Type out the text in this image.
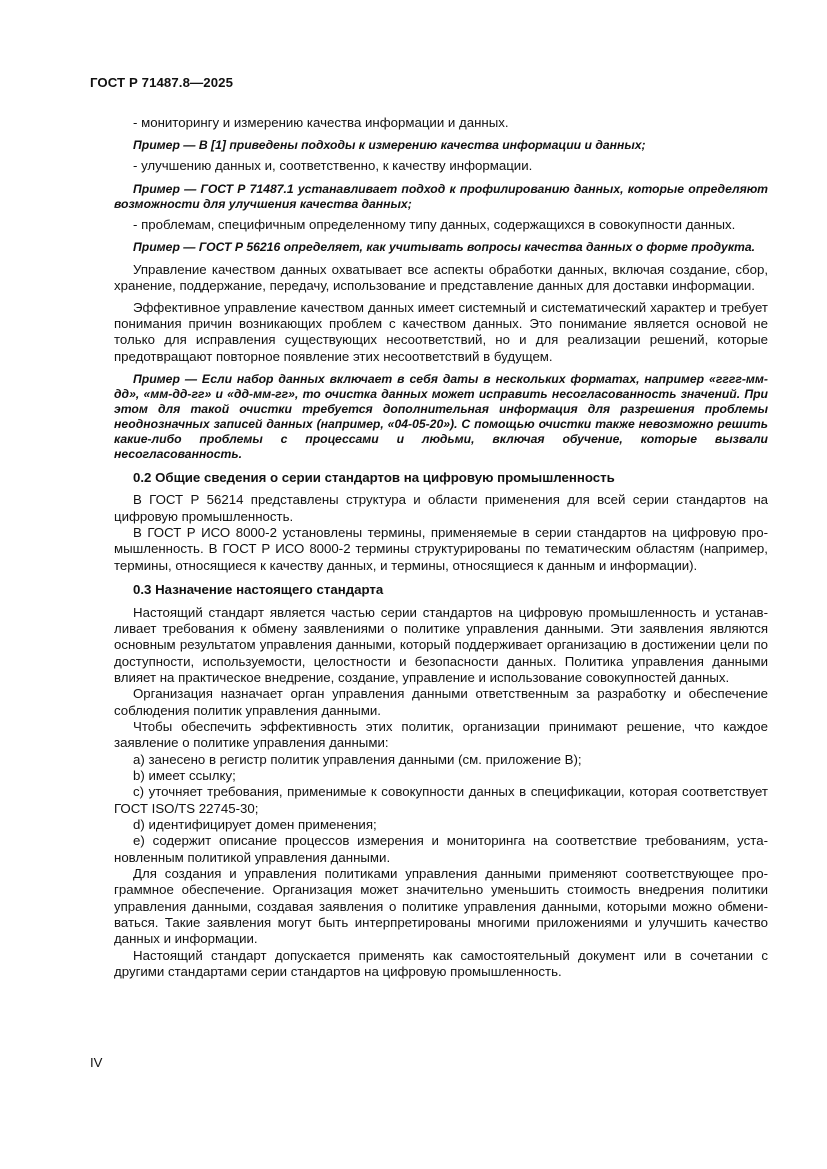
ГОСТ Р 71487.8—2025

- мониторингу и измерению качества информации и данных.

Пример — В [1] приведены подходы к измерению качества информации и данных;

- улучшению данных и, соответственно, к качеству информации.

Пример — ГОСТ Р 71487.1 устанавливает подход к профилированию данных, которые определяют возможности для улучшения качества данных;

- проблемам, специфичным определенному типу данных, содержащихся в совокупности данных.

Пример — ГОСТ Р 56216 определяет, как учитывать вопросы качества данных о форме продукта.

Управление качеством данных охватывает все аспекты обработки данных, включая создание, сбор, хранение, поддержание, передачу, использование и представление данных для доставки информации.

Эффективное управление качеством данных имеет системный и систематический характер и требует понимания причин возникающих проблем с качеством данных. Это понимание является основой не только для исправления существующих несоответствий, но и для реализации решений, которые предотвращают повторное появление этих несоответствий в будущем.

Пример — Если набор данных включает в себя даты в нескольких форматах, например «гггг-мм-дд», «мм-дд-гг» и «дд-мм-гг», то очистка данных может исправить несогласованность значений. При этом для такой очистки требуется дополнительная информация для разрешения проблемы неоднозначных записей данных (например, «04-05-20»). С помощью очистки также невозможно решить какие-либо проблемы с процессами и людьми, включая обучение, которые вызвали несогласованность.

0.2 Общие сведения о серии стандартов на цифровую промышленность

В ГОСТ Р 56214 представлены структура и области применения для всей серии стандартов на цифровую промышленность.

В ГОСТ Р ИСО 8000-2 установлены термины, применяемые в серии стандартов на цифровую промышленность. В ГОСТ Р ИСО 8000-2 термины структурированы по тематическим областям (например, термины, относящиеся к качеству данных, и термины, относящиеся к данным и информации).

0.3 Назначение настоящего стандарта

Настоящий стандарт является частью серии стандартов на цифровую промышленность и устанавливает требования к обмену заявлениями о политике управления данными. Эти заявления являются основным результатом управления данными, который поддерживает организацию в достижении цели по доступности, используемости, целостности и безопасности данных. Политика управления данными влияет на практическое внедрение, создание, управление и использование совокупностей данных.

Организация назначает орган управления данными ответственным за разработку и обеспечение соблюдения политик управления данными.

Чтобы обеспечить эффективность этих политик, организации принимают решение, что каждое заявление о политике управления данными:

a) занесено в регистр политик управления данными (см. приложение В);

b) имеет ссылку;

c) уточняет требования, применимые к совокупности данных в спецификации, которая соответствует ГОСТ ISO/TS 22745-30;

d) идентифицирует домен применения;

e) содержит описание процессов измерения и мониторинга на соответствие требованиям, установленным политикой управления данными.

Для создания и управления политиками управления данными применяют соответствующее программное обеспечение. Организация может значительно уменьшить стоимость внедрения политики управления данными, создавая заявления о политике управления данными, которыми можно обмениваться. Такие заявления могут быть интерпретированы многими приложениями и улучшить качество данных и информации.

Настоящий стандарт допускается применять как самостоятельный документ или в сочетании с другими стандартами серии стандартов на цифровую промышленность.

IV
